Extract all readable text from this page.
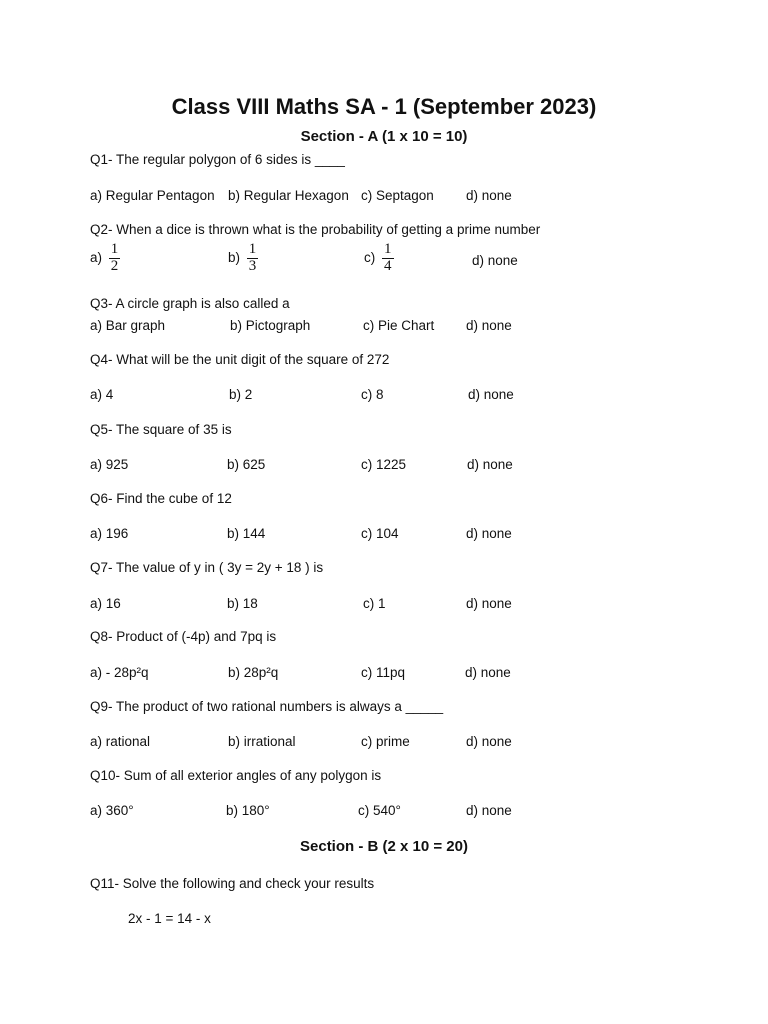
Class VIII Maths SA - 1 (September 2023)
Section - A (1 x 10 = 10)
Q1- The regular polygon of 6 sides is ____
a) Regular Pentagon b) Regular Hexagon c) Septagon d) none
Q2- When a dice is thrown what is the probability of getting a prime number
$a) \frac{1}{2}$	$b) \frac{1}{3}$	$c) \frac{1}{4}$	d) none
Q3- A circle graph is also called a
a) Bar graph	b) Pictograph	c) Pie Chart d) none
Q4- What will be the unit digit of the square of 272
a) 4	b) 2	c) 8	d) none
Q5- The square of 35 is
a) 925	b) 625	c) 1225	d) none
Q6- Find the cube of 12
a) 196	b) 144	c) 104	d) none
Q7- The value of y in ( 3y = 2y + 18 ) is
a) 16	b) 18	c) 1	d) none
Q8- Product of (-4p) and 7pq is
a) - 28p²q	b) 28p²q	c) 11pq	d) none
Q9- The product of two rational numbers is always a _____
a) rational	b) irrational	c) prime	d) none
Q10- Sum of all exterior angles of any polygon is
a) 360°	b) 180°	c) 540°	d) none
Section - B (2 x 10 = 20)
Q11- Solve the following and check your results
2x - 1 = 14 - x
